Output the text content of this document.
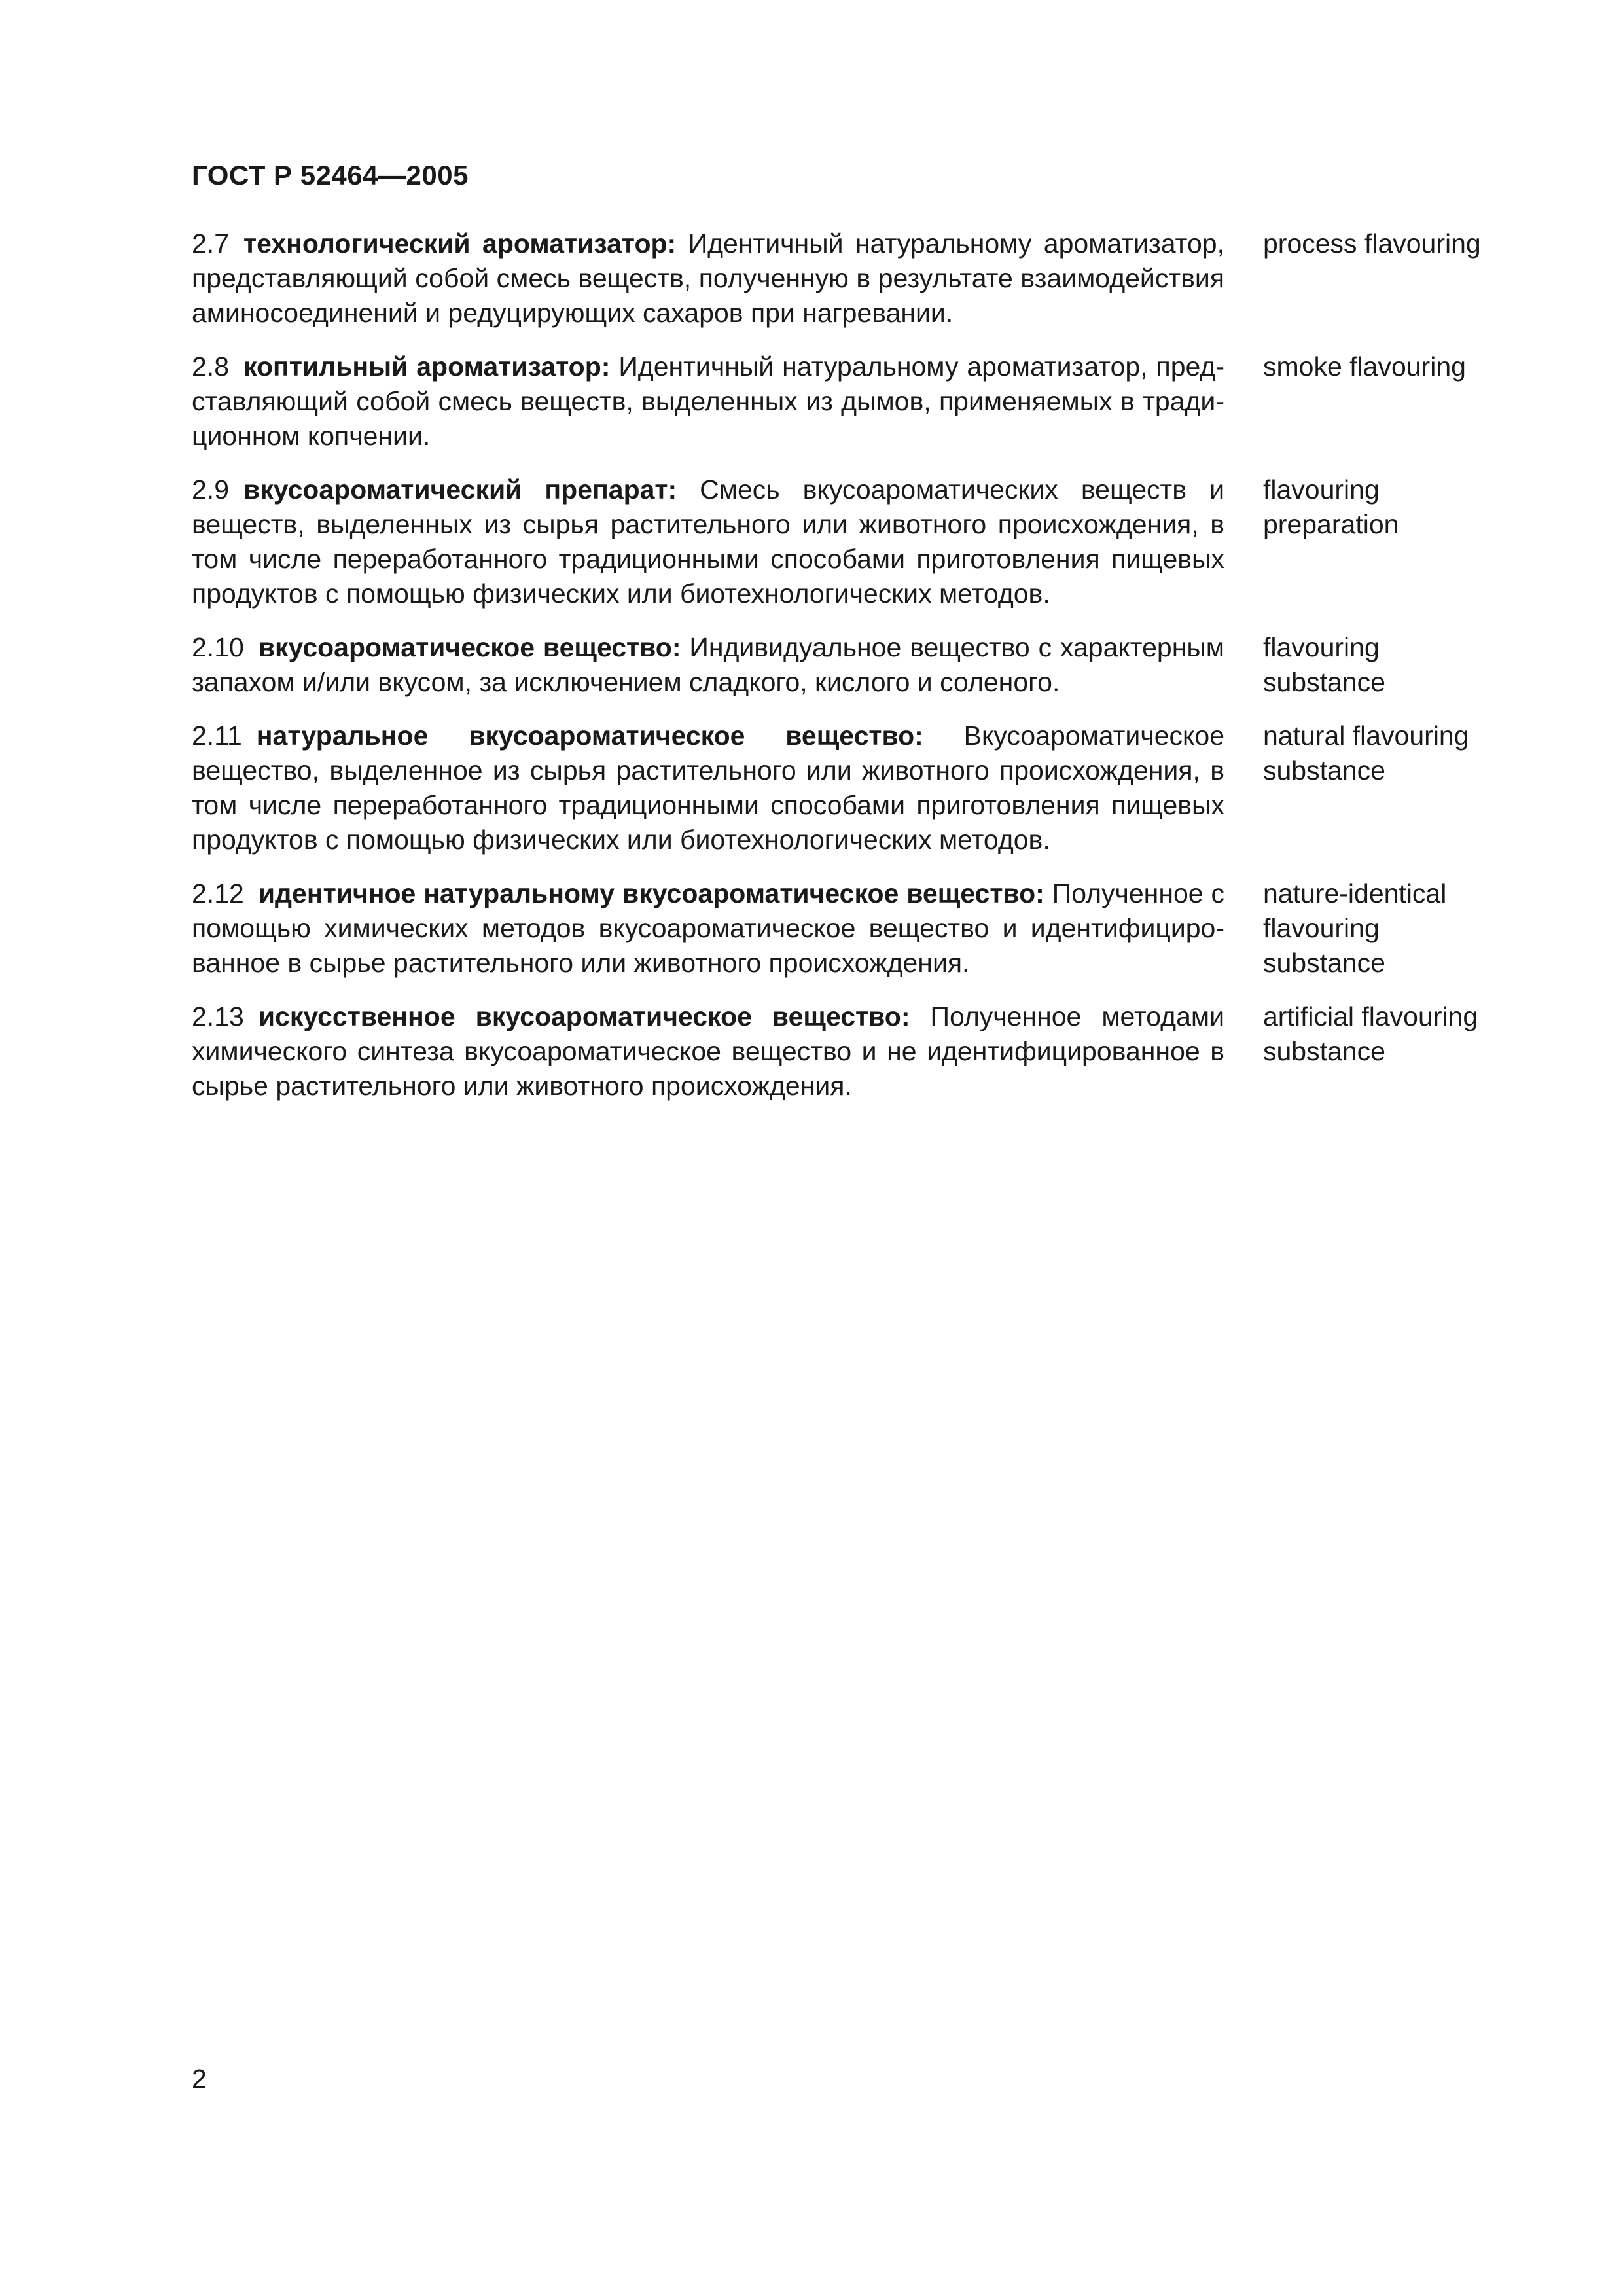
ГОСТ Р 52464—2005
2.7 технологический ароматизатор: Идентичный натуральному ароматизатор, представляющий собой смесь веществ, полученную в результате взаимодействия аминосоединений и редуцирующих сахаров при нагревании.
process flavouring
2.8 коптильный ароматизатор: Идентичный натуральному ароматизатор, представляющий собой смесь веществ, выделенных из дымов, применяемых в традиционном копчении.
smoke flavouring
2.9 вкусоароматический препарат: Смесь вкусоароматических веществ и веществ, выделенных из сырья растительного или животного происхождения, в том числе переработанного традиционными способами приготовления пищевых продуктов с помощью физических или биотехнологических методов.
flavouring preparation
2.10 вкусоароматическое вещество: Индивидуальное вещество с характерным запахом и/или вкусом, за исключением сладкого, кислого и соленого.
flavouring substance
2.11 натуральное вкусоароматическое вещество: Вкусоароматическое вещество, выделенное из сырья растительного или животного происхождения, в том числе переработанного традиционными способами приготовления пищевых продуктов с помощью физических или биотехнологических методов.
natural flavouring substance
2.12 идентичное натуральному вкусоароматическое вещество: Полученное с помощью химических методов вкусоароматическое вещество и идентифицированное в сырье растительного или животного происхождения.
nature-identical flavouring substance
2.13 искусственное вкусоароматическое вещество: Полученное методами химического синтеза вкусоароматическое вещество и не идентифицированное в сырье растительного или животного происхождения.
artificial flavouring substance
2
